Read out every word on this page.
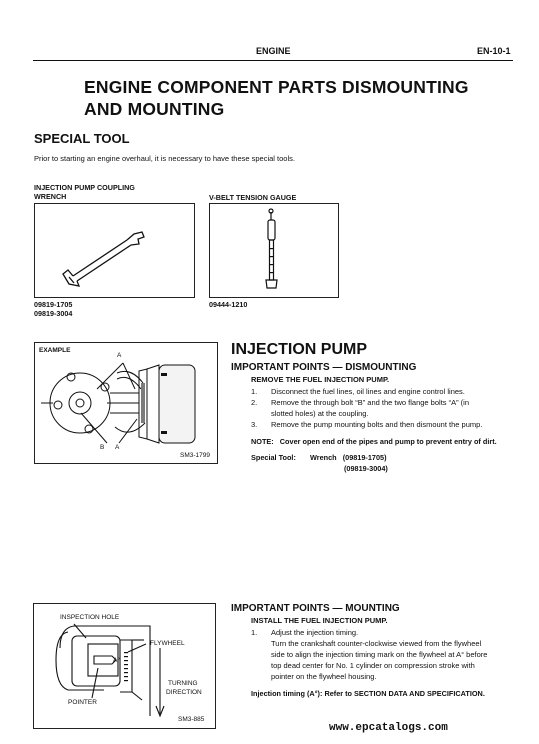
ENGINE	EN-10-1
ENGINE COMPONENT PARTS DISMOUNTING
AND MOUNTING
SPECIAL TOOL
Prior to starting an engine overhaul, it is necessary to have these special tools.
INJECTION PUMP COUPLING
WRENCH
09819-1705
09819-3004
V-BELT TENSION GAUGE
09444-1210
EXAMPLE
A
B A
SM3-1799
INJECTION PUMP
IMPORTANT POINTS — DISMOUNTING
REMOVE THE FUEL INJECTION PUMP.
1. Disconnect the fuel lines, oil lines and engine control lines.
2. Remove the through bolt “B” and the two flange bolts “A” (in
slotted holes) at the coupling.
3. Remove the pump mounting bolts and then dismount the pump.
NOTE:   Cover open end of the pipes and pump to prevent entry of dirt.
Special Tool: Wrench   (09819-1705)
(09819-3004)
INSPECTION HOLE
FLYWHEEL
A°
TURNING
DIRECTION
POINTER
SM3-885
IMPORTANT POINTS — MOUNTING
INSTALL THE FUEL INJECTION PUMP.
1. Adjust the injection timing.
Turn the crankshaft counter-clockwise viewed from the flywheel
side to align the injection timing mark on the flywheel at A° before
top dead center for No. 1 cylinder on compression stroke with
pointer on the flywheel housing.
Injection timing (A°): Refer to SECTION DATA AND SPECIFICATION.
www.epcatalogs.com
